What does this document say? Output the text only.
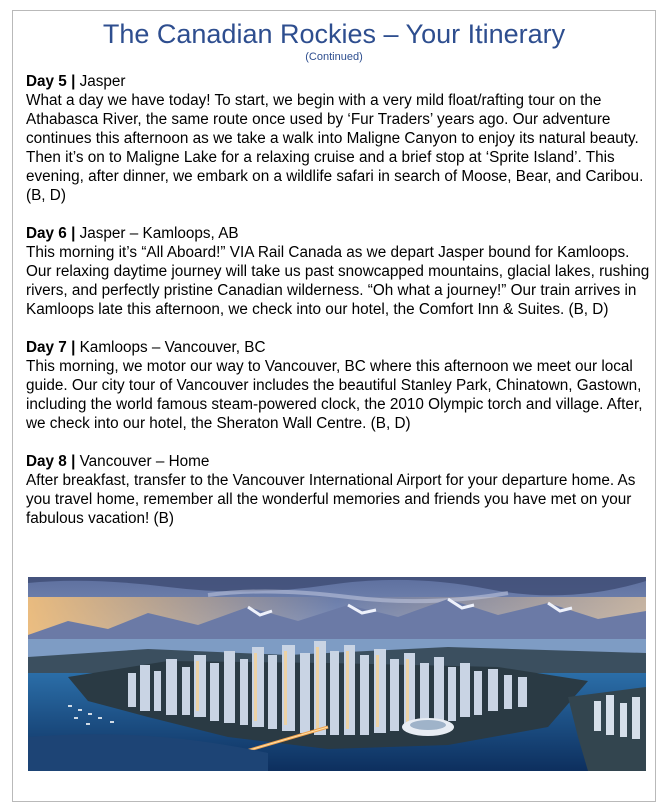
The Canadian Rockies – Your Itinerary
(Continued)
Day 5 | Jasper
What a day we have today! To start, we begin with a very mild float/rafting tour on the Athabasca River, the same route once used by ‘Fur Traders’ years ago. Our adventure continues this afternoon as we take a walk into Maligne Canyon to enjoy its natural beauty. Then it’s on to Maligne Lake for a relaxing cruise and a brief stop at ‘Sprite Island’. This evening, after dinner, we embark on a wildlife safari in search of Moose, Bear, and Caribou. (B, D)
Day 6 | Jasper – Kamloops, AB
This morning it’s “All Aboard!” VIA Rail Canada as we depart Jasper bound for Kamloops. Our relaxing daytime journey will take us past snowcapped mountains, glacial lakes, rushing rivers, and perfectly pristine Canadian wilderness. “Oh what a journey!” Our train arrives in Kamloops late this afternoon, we check into our hotel, the Comfort Inn & Suites. (B, D)
Day 7 | Kamloops – Vancouver, BC
This morning, we motor our way to Vancouver, BC where this afternoon we meet our local guide. Our city tour of Vancouver includes the beautiful Stanley Park, Chinatown, Gastown, including the world famous steam-powered clock, the 2010 Olympic torch and village. After, we check into our hotel, the Sheraton Wall Centre. (B, D)
Day 8 | Vancouver – Home
After breakfast, transfer to the Vancouver International Airport for your departure home. As you travel home, remember all the wonderful memories and friends you have met on your fabulous vacation! (B)
